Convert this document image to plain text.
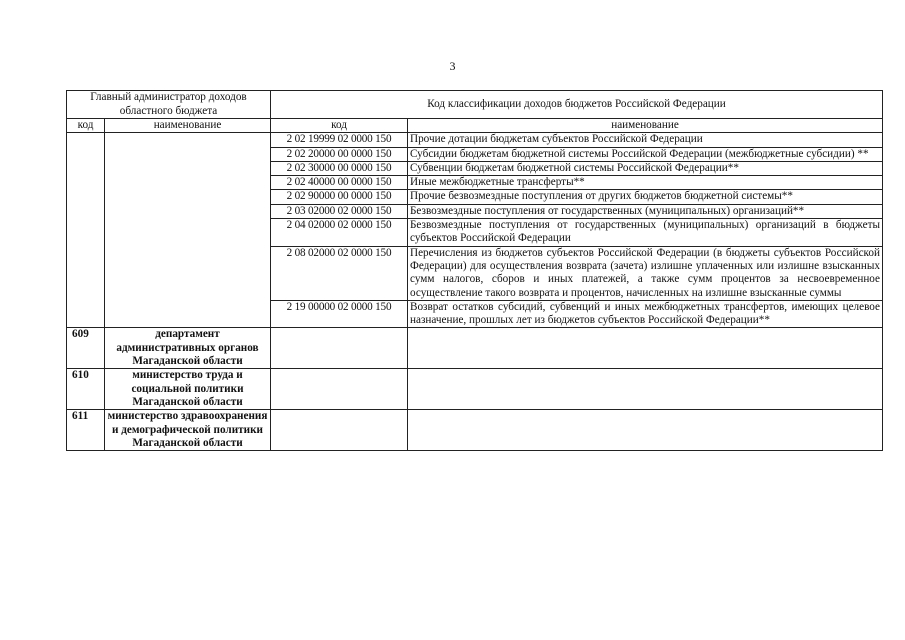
3
Главный администратор доходов областного бюджета		Код классификации доходов бюджетов Российской Федерации	
код	наименование	код	наименование
		2 02 19999 02 0000 150	Прочие дотации бюджетам субъектов Российской Федерации
		2 02 20000 00 0000 150	Субсидии бюджетам бюджетной системы Российской Федерации (межбюджетные субсидии) **
		2 02 30000 00 0000 150	Субвенции бюджетам бюджетной системы Российской Федерации**
		2 02 40000 00 0000 150	Иные межбюджетные трансферты**
		2 02 90000 00 0000 150	Прочие безвозмездные поступления от других бюджетов бюджетной системы**
		2 03 02000 02 0000 150	Безвозмездные поступления от государственных (муниципальных) организаций**
		2 04 02000 02 0000 150	Безвозмездные поступления от государственных (муниципальных) организаций в бюджеты субъектов Российской Федерации
		2 08 02000 02 0000 150	Перечисления из бюджетов субъектов Российской Федерации (в бюджеты субъектов Российской Федерации) для осуществления возврата (зачета) излишне уплаченных или излишне взысканных сумм налогов, сборов и иных платежей, а также сумм процентов за несвоевременное осуществление такого возврата и процентов, начисленных на излишне взысканные суммы
		2 19 00000 02 0000 150	Возврат остатков субсидий, субвенций и иных межбюджетных трансфертов, имеющих целевое назначение, прошлых лет из бюджетов субъектов Российской Федерации**
609	департамент административных органов Магаданской области		
610	министерство труда и социальной политики Магаданской области		
611	министерство здравоохранения и демографической политики Магаданской области		
